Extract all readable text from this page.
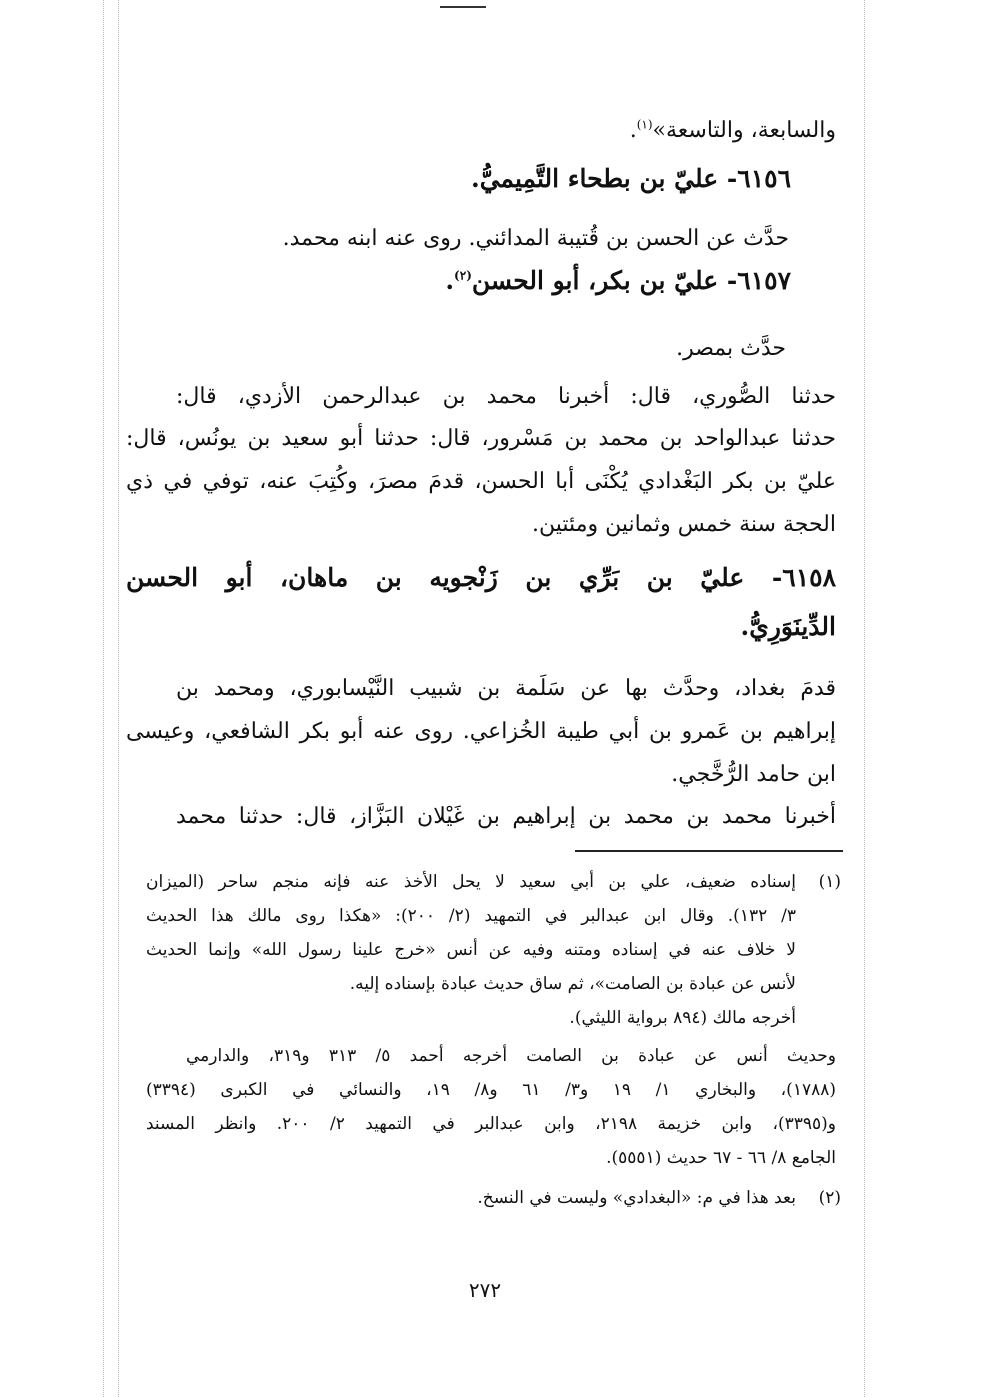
والسابعة، والتاسعة»$^{(١)}$.
٦١٥٦- عليّ بن بطحاء التَّمِيميُّ.
حدَّث عن الحسن بن قُتيبة المدائني. روى عنه ابنه محمد.
٦١٥٧- عليّ بن بكر، أبو الحسن$^{(٢)}$.
حدَّث بمصر.
حدثنا الصُّوري، قال: أخبرنا محمد بن عبدالرحمن الأزدي، قال:
حدثنا عبدالواحد بن محمد بن مَسْرور، قال: حدثنا أبو سعيد بن يونُس، قال:
عليّ بن بكر البَغْدادي يُكْنَى أبا الحسن، قدمَ مصرَ، وكُتِبَ عنه، توفي في ذي
الحجة سنة خمس وثمانين ومئتين.
٦١٥٨- عليّ بن بَرِّي بن زَنْجويه بن ماهان، أبو الحسن
الدِّينَوَرِيُّ.
قدمَ بغداد، وحدَّث بها عن سَلَمة بن شبيب النَّيْسابوري، ومحمد بن
إبراهيم بن عَمرو بن أبي طيبة الخُزاعي. روى عنه أبو بكر الشافعي، وعيسى
ابن حامد الرُّخَّجي.
أخبرنا محمد بن محمد بن إبراهيم بن غَيْلان البَزَّاز، قال: حدثنا محمد
(١)
إسناده ضعيف، علي بن أبي سعيد لا يحل الأخذ عنه فإنه منجم ساحر (الميزان
٣/ ١٣٢). وقال ابن عبدالبر في التمهيد (٢/ ٢٠٠): «هكذا روى مالك هذا الحديث
لا خلاف عنه في إسناده ومتنه وفيه عن أنس «خرج علينا رسول الله» وإنما الحديث
لأنس عن عبادة بن الصامت»، ثم ساق حديث عبادة بإسناده إليه.
أخرجه مالك (٨٩٤ برواية الليثي).
وحديث أنس عن عبادة بن الصامت أخرجه أحمد ٥/ ٣١٣ و٣١٩، والدارمي
(١٧٨٨)، والبخاري ١/ ١٩ و٣/ ٦١ و٨/ ١٩، والنسائي في الكبرى (٣٣٩٤)
و(٣٣٩٥)، وابن خزيمة ٢١٩٨، وابن عبدالبر في التمهيد ٢/ ٢٠٠. وانظر المسند
الجامع ٨/ ٦٦ - ٦٧ حديث (٥٥٥١).
(٢)
بعد هذا في م: «البغدادي» وليست في النسخ.
٢٧٢
